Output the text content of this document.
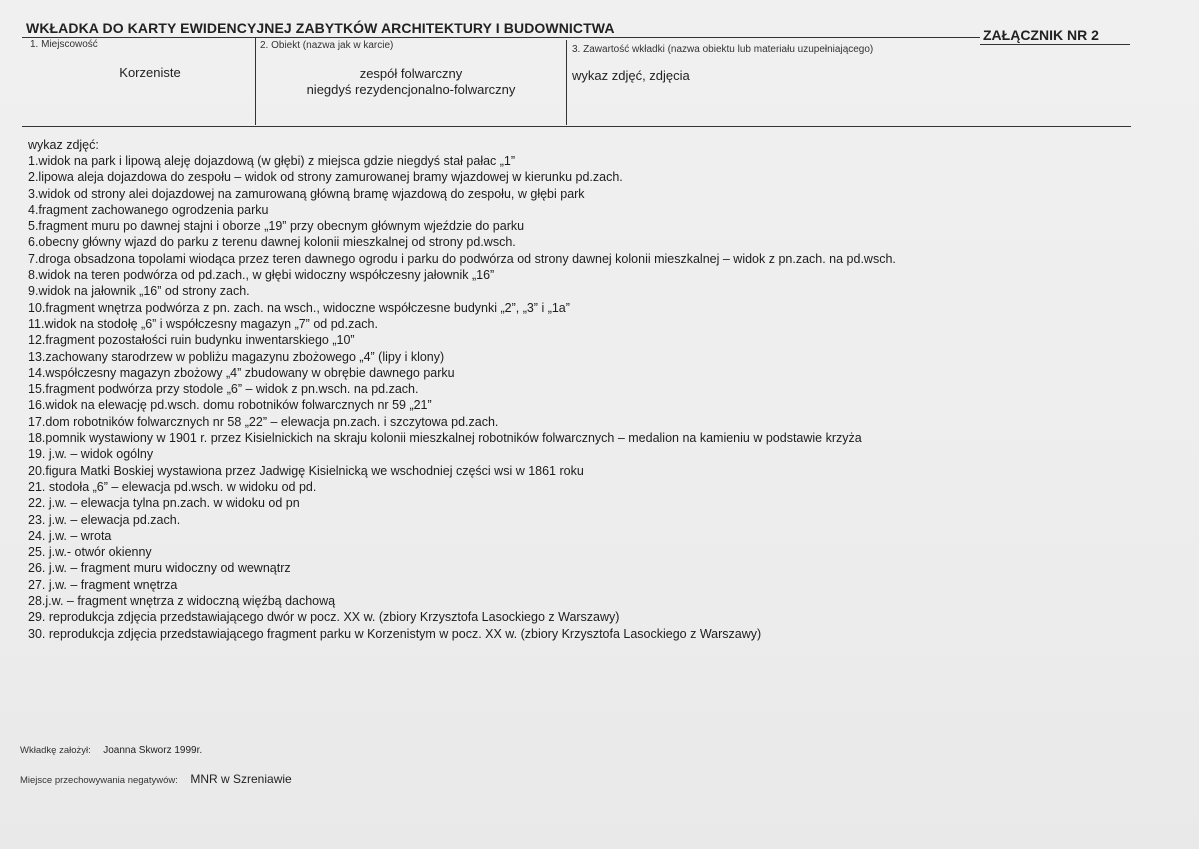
WKŁADKA DO KARTY EWIDENCYJNEJ ZABYTKÓW ARCHITEKTURY I BUDOWNICTWA	ZAŁĄCZNIK NR 2
1. Miejscowość
Korzeniste
2. Obiekt (nazwa jak w karcie)
zespół folwarczny
niegdyś rezydencjonalno-folwarczny
3. Zawartość wkładki (nazwa obiektu lub materiału uzupełniającego)
wykaz zdjęć, zdjęcia
wykaz zdjęć:
1.widok na park i lipową aleję dojazdową (w głębi) z miejsca gdzie niegdyś stał pałac „1”
2.lipowa aleja dojazdowa do zespołu – widok od strony zamurowanej bramy wjazdowej w kierunku pd.zach.
3.widok od strony alei dojazdowej na zamurowaną główną bramę wjazdową do zespołu, w głębi park
4.fragment zachowanego ogrodzenia parku
5.fragment muru po dawnej stajni i oborze „19” przy obecnym głównym wjeździe do parku
6.obecny główny wjazd do parku z terenu dawnej kolonii mieszkalnej od strony pd.wsch.
7.droga obsadzona topolami wiodąca przez teren dawnego ogrodu i parku do podwórza od strony dawnej kolonii mieszkalnej – widok z pn.zach. na pd.wsch.
8.widok na teren podwórza od pd.zach., w głębi widoczny współczesny jałownik „16”
9.widok na jałownik „16” od strony zach.
10.fragment wnętrza podwórza z pn. zach. na wsch., widoczne współczesne budynki „2”, „3” i „1a”
11.widok na stodołę „6” i współczesny magazyn „7” od pd.zach.
12.fragment pozostałości ruin budynku inwentarskiego „10”
13.zachowany starodrzew w pobliżu magazynu zbożowego „4” (lipy i klony)
14.współczesny magazyn zbożowy „4” zbudowany w obrębie dawnego parku
15.fragment podwórza przy stodole „6” – widok z pn.wsch. na pd.zach.
16.widok na elewację pd.wsch. domu robotników folwarcznych nr 59 „21”
17.dom robotników folwarcznych nr 58 „22” – elewacja pn.zach. i szczytowa pd.zach.
18.pomnik wystawiony w 1901 r. przez Kisielnickich na skraju kolonii mieszkalnej robotników folwarcznych – medalion na kamieniu w podstawie krzyża
19. j.w. – widok ogólny
20.figura Matki Boskiej wystawiona przez Jadwigę Kisielnicką we wschodniej części wsi w 1861 roku
21. stodoła „6” – elewacja pd.wsch. w widoku od pd.
22. j.w. – elewacja tylna pn.zach. w widoku od pn
23. j.w. – elewacja pd.zach.
24. j.w. – wrota
25. j.w.- otwór okienny
26. j.w. – fragment muru widoczny od wewnątrz
27. j.w. – fragment wnętrza
28.j.w. – fragment wnętrza z widoczną więźbą dachową
29. reprodukcja zdjęcia przedstawiającego dwór w pocz. XX w. (zbiory Krzysztofa Lasockiego z Warszawy)
30. reprodukcja zdjęcia przedstawiającego fragment parku w Korzenistym w pocz. XX w. (zbiory Krzysztofa Lasockiego z Warszawy)
Wkładkę założył: Joanna Skworz 1999r.
Miejsce przechowywania negatywów: MNR w Szreniawie
